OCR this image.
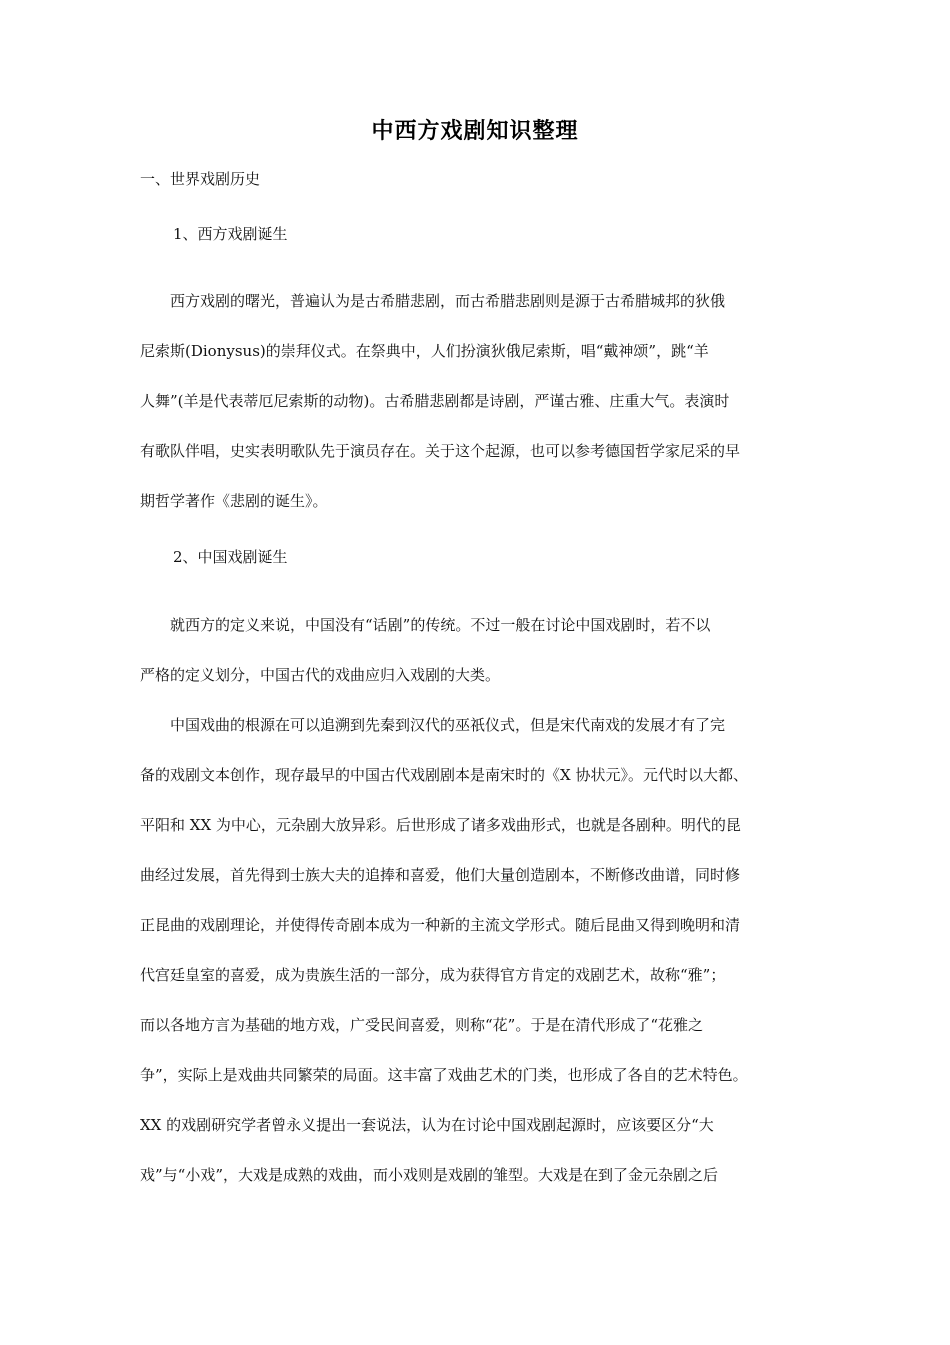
中西方戏剧知识整理
一、世界戏剧历史
1、西方戏剧诞生
　　西方戏剧的曙光，普遍认为是古希腊悲剧，而古希腊悲剧则是源于古希腊城邦的狄俄
尼索斯(Dionysus)的崇拜仪式。在祭典中，人们扮演狄俄尼索斯，唱“戴神颂”，跳“羊
人舞”(羊是代表蒂厄尼索斯的动物)。古希腊悲剧都是诗剧，严谨古雅、庄重大气。表演时
有歌队伴唱，史实表明歌队先于演员存在。关于这个起源，也可以参考德国哲学家尼采的早
期哲学著作《悲剧的诞生》。
2、中国戏剧诞生
　　就西方的定义来说，中国没有“话剧”的传统。不过一般在讨论中国戏剧时，若不以
严格的定义划分，中国古代的戏曲应归入戏剧的大类。
　　中国戏曲的根源在可以追溯到先秦到汉代的巫祇仪式，但是宋代南戏的发展才有了完
备的戏剧文本创作，现存最早的中国古代戏剧剧本是南宋时的《X 协状元》。元代时以大都、
平阳和 XX 为中心，元杂剧大放异彩。后世形成了诸多戏曲形式，也就是各剧种。明代的昆
曲经过发展，首先得到士族大夫的追捧和喜爱，他们大量创造剧本，不断修改曲谱，同时修
正昆曲的戏剧理论，并使得传奇剧本成为一种新的主流文学形式。随后昆曲又得到晚明和清
代宫廷皇室的喜爱，成为贵族生活的一部分，成为获得官方肯定的戏剧艺术，故称“雅”；
而以各地方言为基础的地方戏，广受民间喜爱，则称“花”。于是在清代形成了“花雅之
争”，实际上是戏曲共同繁荣的局面。这丰富了戏曲艺术的门类，也形成了各自的艺术特色。
XX 的戏剧研究学者曾永义提出一套说法，认为在讨论中国戏剧起源时，应该要区分“大
戏”与“小戏”，大戏是成熟的戏曲，而小戏则是戏剧的雏型。大戏是在到了金元杂剧之后
